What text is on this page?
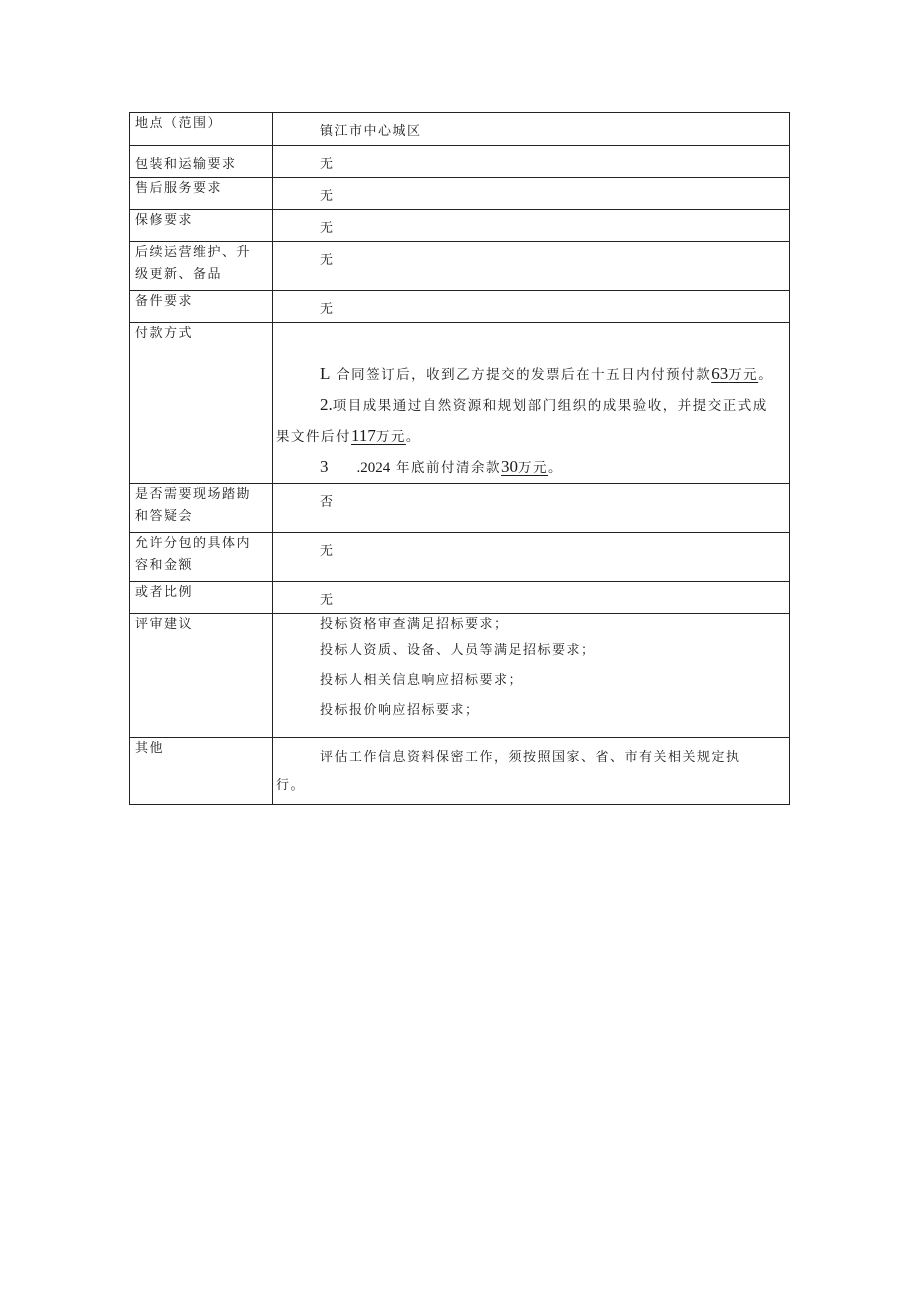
地点（范围）	镇江市中心城区

包装和运输要求	无

售后服务要求	无

保修要求	无

后续运营维护、升
级更新、备品	无

备件要求	无

付款方式	L 合同签订后，收到乙方提交的发票后在十五日内付预付款63万元。
2.项目成果通过自然资源和规划部门组织的成果验收，并提交正式成
果文件后付117万元。
3 .2024 年底前付清余款30万元。

是否需要现场踏勘
和答疑会	否

允许分包的具体内
容和金额	无

或者比例	无

评审建议	投标资格审查满足招标要求；
投标人资质、设备、人员等满足招标要求；
投标人相关信息响应招标要求；
投标报价响应招标要求；

其他	评估工作信息资料保密工作，须按照国家、省、市有关相关规定执
行。
